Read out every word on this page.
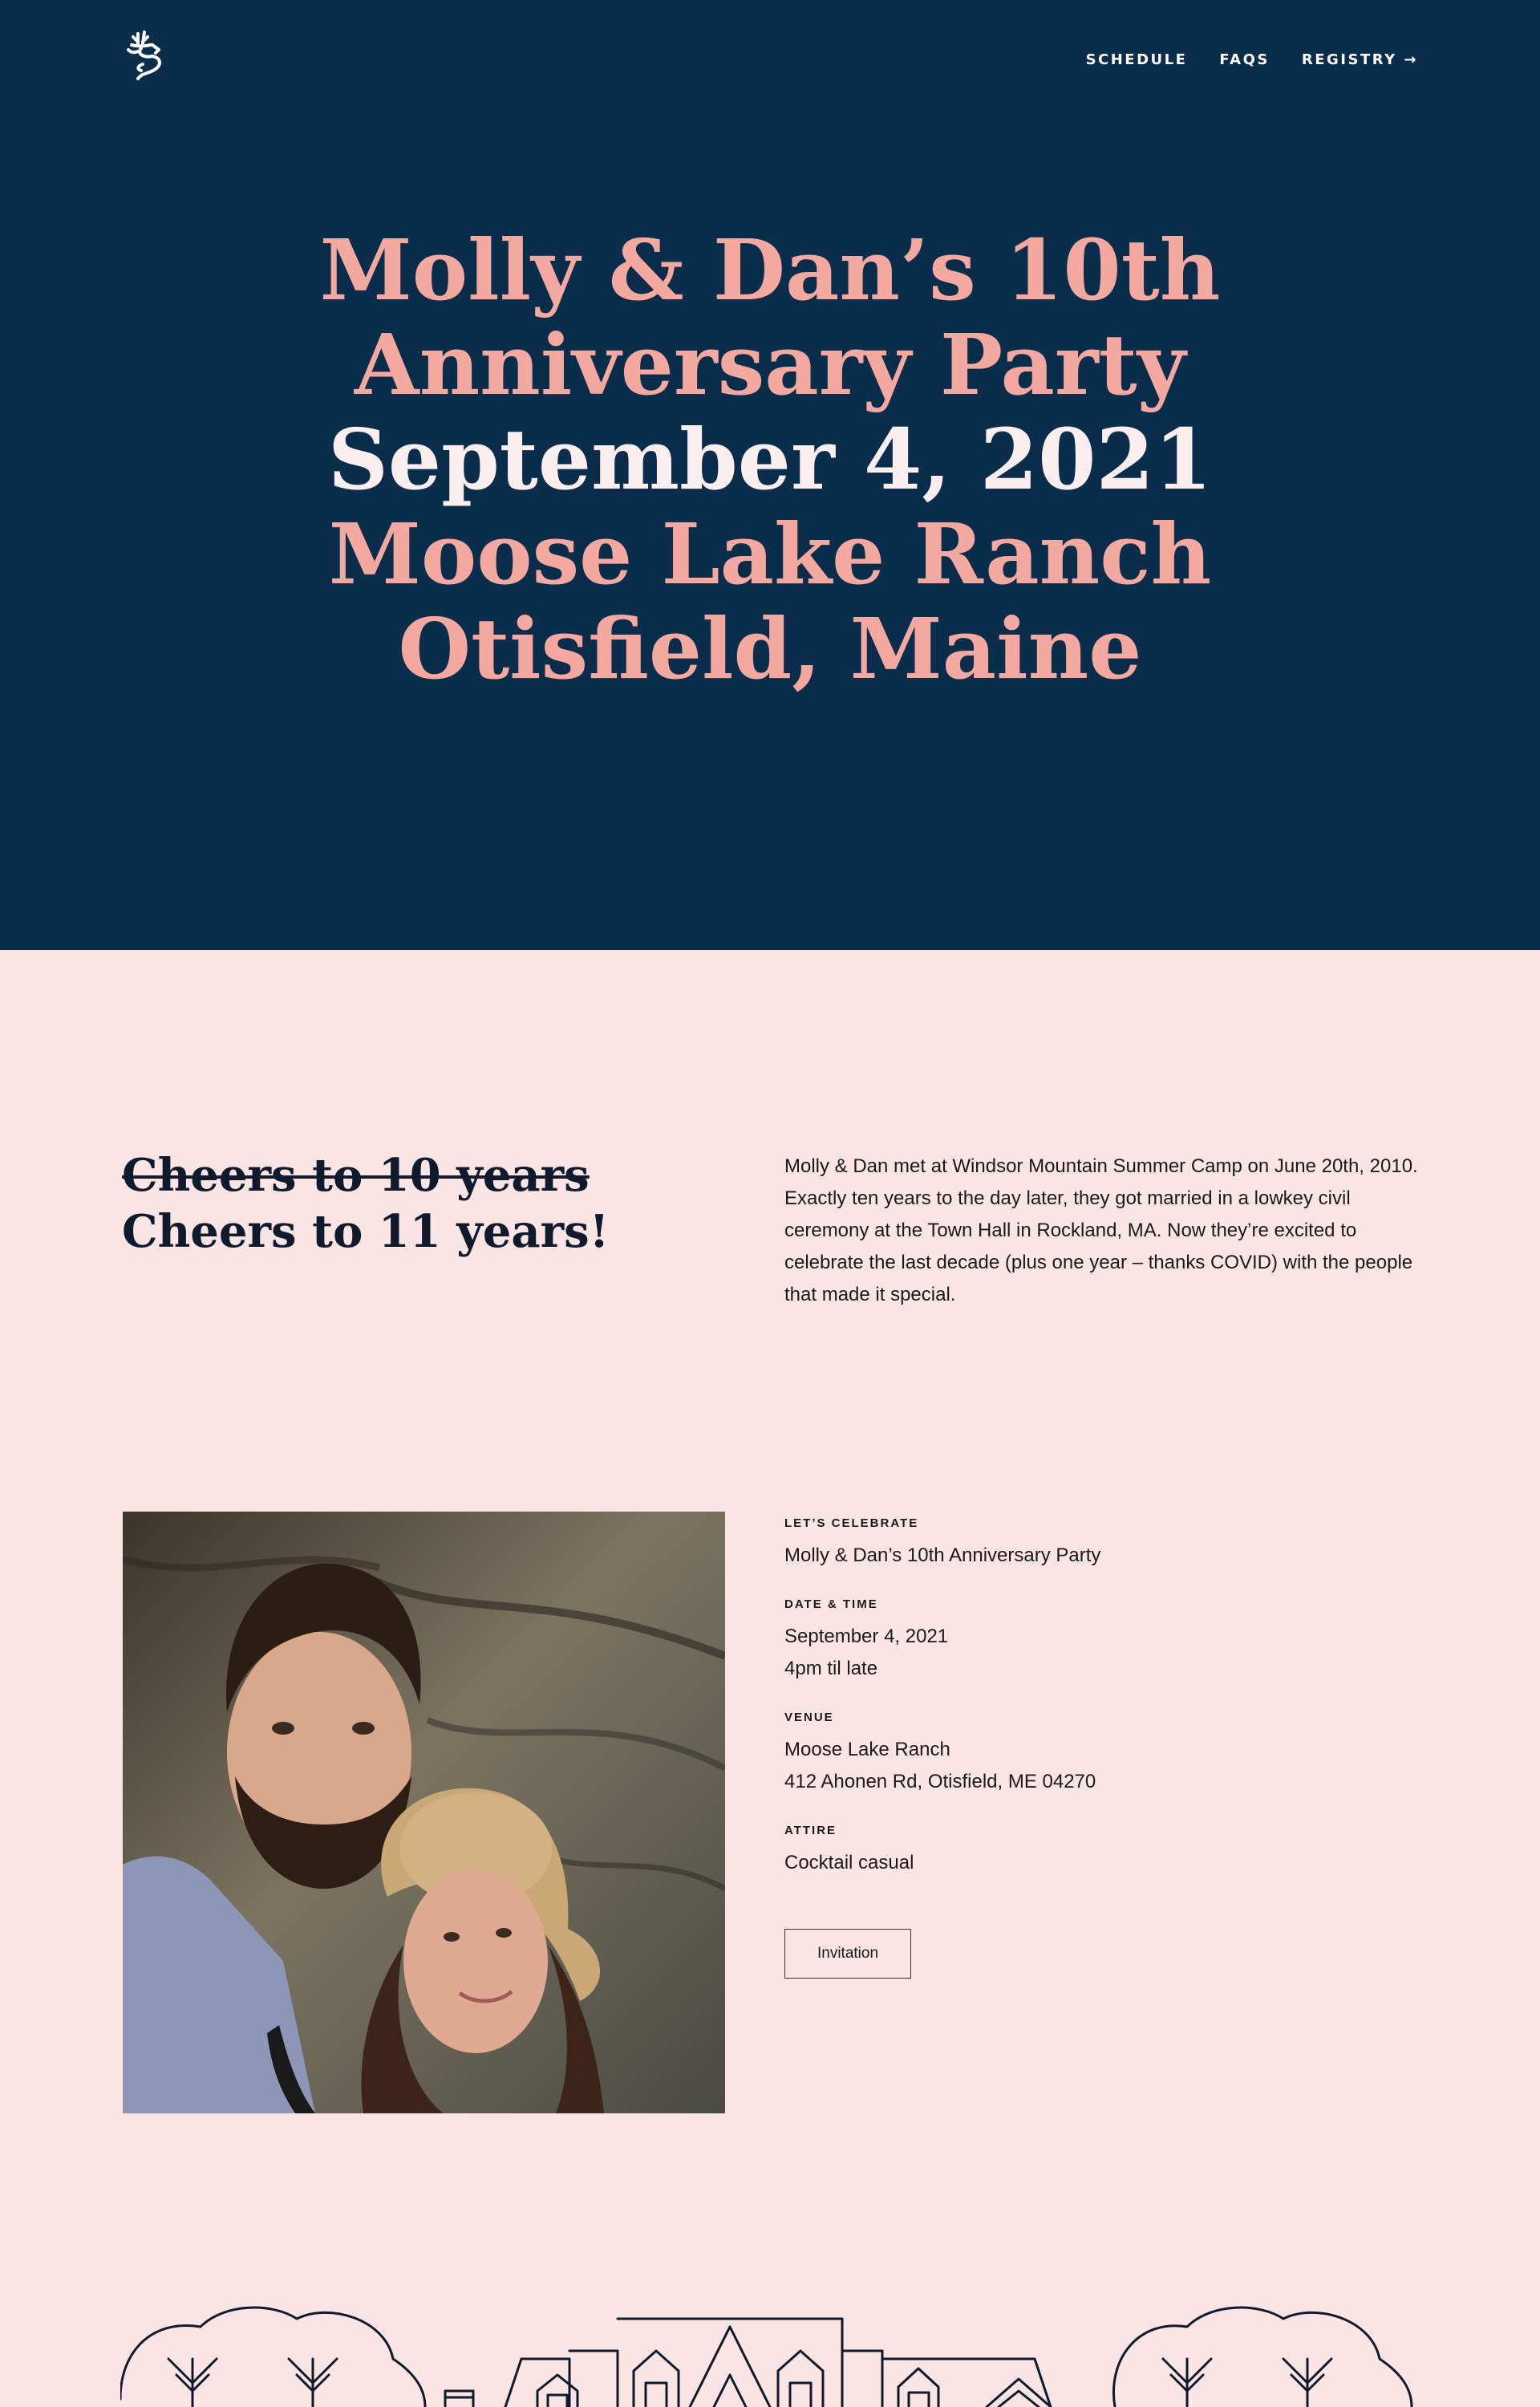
SCHEDULE FAQS REGISTRY →
Molly & Dan’s 10th
Anniversary Party
September 4, 2021
Moose Lake Ranch
Otisfield, Maine
Cheers to 10 years
Cheers to 11 years!

Molly & Dan met at Windsor Mountain Summer Camp on June 20th, 2010. Exactly ten years to the day later, they got married in a lowkey civil ceremony at the Town Hall in Rockland, MA. Now they’re excited to celebrate the last decade (plus one year – thanks COVID) with the people that made it special.

LET’S CELEBRATE
Molly & Dan’s 10th Anniversary Party
DATE & TIME
September 4, 2021
4pm til late
VENUE
Moose Lake Ranch
412 Ahonen Rd, Otisfield, ME 04270
ATTIRE
Cocktail casual
Invitation
